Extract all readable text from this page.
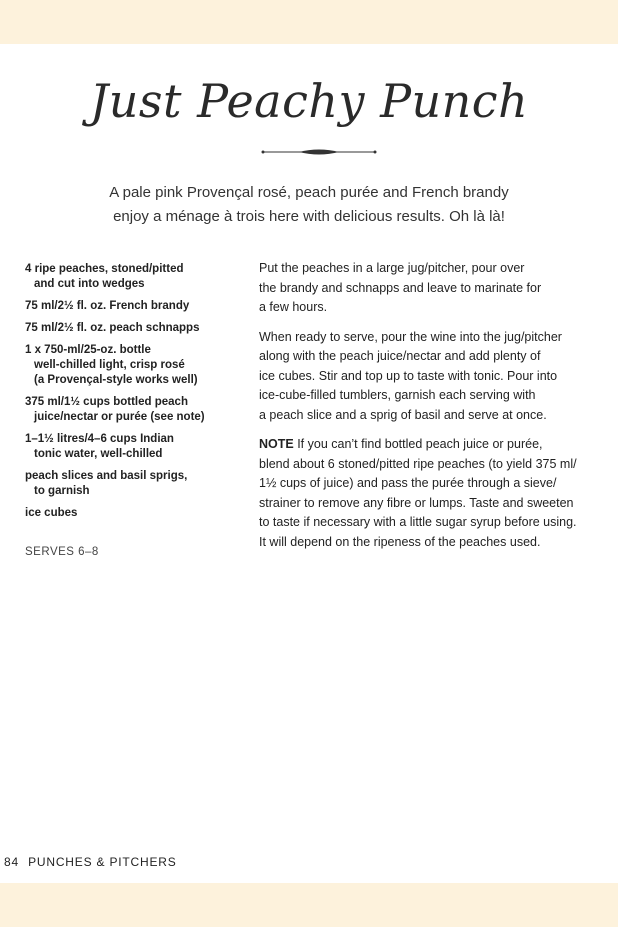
Just Peachy Punch

A pale pink Provençal rosé, peach purée and French brandy
enjoy a ménage à trois here with delicious results. Oh là là!

4 ripe peaches, stoned/pitted
and cut into wedges
75 ml/2½ fl. oz. French brandy
75 ml/2½ fl. oz. peach schnapps
1 x 750-ml/25-oz. bottle
well-chilled light, crisp rosé
(a Provençal-style works well)
375 ml/1½ cups bottled peach
juice/nectar or purée (see note)
1–1½ litres/4–6 cups Indian
tonic water, well-chilled
peach slices and basil sprigs,
to garnish
ice cubes
SERVES 6–8

Put the peaches in a large jug/pitcher, pour over
the brandy and schnapps and leave to marinate for
a few hours.

When ready to serve, pour the wine into the jug/pitcher
along with the peach juice/nectar and add plenty of
ice cubes. Stir and top up to taste with tonic. Pour into
ice-cube-filled tumblers, garnish each serving with
a peach slice and a sprig of basil and serve at once.

NOTE If you can’t find bottled peach juice or purée,
blend about 6 stoned/pitted ripe peaches (to yield 375 ml/
1½ cups of juice) and pass the purée through a sieve/
strainer to remove any fibre or lumps. Taste and sweeten
to taste if necessary with a little sugar syrup before using.
It will depend on the ripeness of the peaches used.

84 PUNCHES & PITCHERS
